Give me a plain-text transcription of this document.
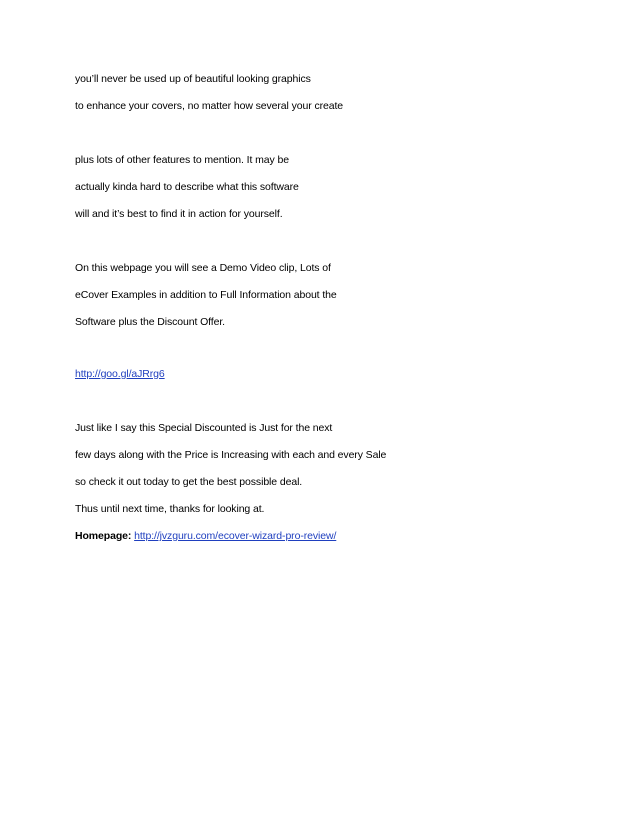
you’ll never be used up of beautiful looking graphics
to enhance your covers, no matter how several your create
plus lots of other features to mention. It may be
actually kinda hard to describe what this software
will and it’s best to find it in action for yourself.
On this webpage you will see a Demo Video clip, Lots of
eCover Examples in addition to Full Information about the
Software plus the Discount Offer.
http://goo.gl/aJRrg6
Just like I say this Special Discounted is Just for the next
few days along with the Price is Increasing with each and every Sale
so check it out today to get the best possible deal.
Thus until next time, thanks for looking at.
Homepage: http://jvzguru.com/ecover-wizard-pro-review/
